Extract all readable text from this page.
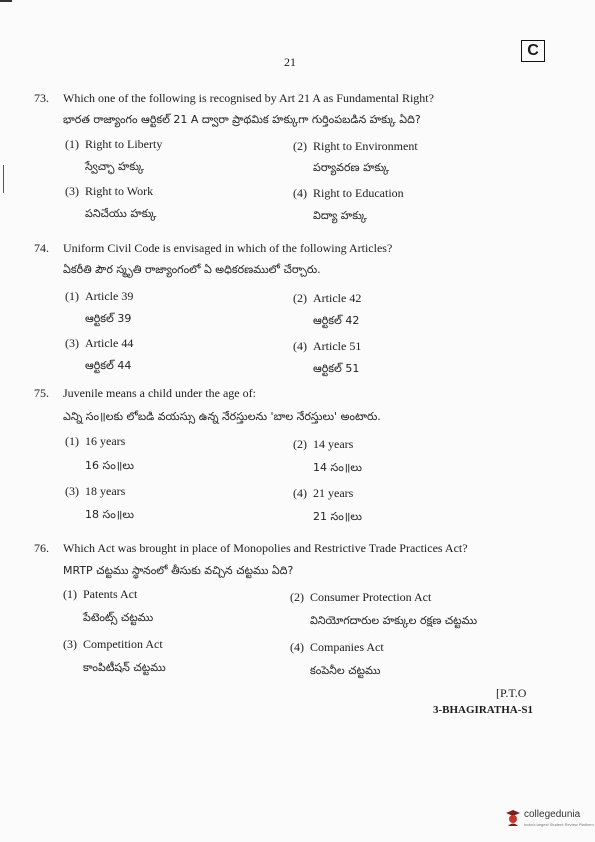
21
C
73. Which one of the following is recognised by Art 21 A as Fundamental Right?
భారత రాజ్యాంగం ఆర్టికల్ 21 A ద్వారా ప్రాథమిక హక్కుగా గుర్తింపబడిన హక్కు ఏది?
(1) Right to Liberty
స్వేచ్ఛా హక్కు
(2) Right to Environment
పర్యావరణ హక్కు
(3) Right to Work
పనిచేయు హక్కు
(4) Right to Education
విద్యా హక్కు
74. Uniform Civil Code is envisaged in which of the following Articles?
ఏకరీతి పౌర స్మృతి రాజ్యాంగంలో ఏ అధికరణములో చేర్చారు.
(1) Article 39
ఆర్టికల్ 39
(2) Article 42
ఆర్టికల్ 42
(3) Article 44
ఆర్టికల్ 44
(4) Article 51
ఆర్టికల్ 51
75. Juvenile means a child under the age of:
ఎన్ని సం॥లకు లోబడి వయస్సు ఉన్న నేరస్తులను 'బాల నేరస్తులు' అంటారు.
(1) 16 years
16 సం॥లు
(2) 14 years
14 సం॥లు
(3) 18 years
18 సం॥లు
(4) 21 years
21 సం॥లు
76. Which Act was brought in place of Monopolies and Restrictive Trade Practices Act?
MRTP చట్టము స్థానంలో తీసుకు వచ్చిన చట్టము ఏది?
(1) Patents Act
పేటెంట్స్ చట్టము
(2) Consumer Protection Act
వినియోగదారుల హక్కుల రక్షణ చట్టము
(3) Competition Act
కాంపిటీషన్ చట్టము
(4) Companies Act
కంపెనీల చట్టము
[P.T.O
3-BHAGIRATHA-S1
collegedunia
India's largest Student Review Platform
